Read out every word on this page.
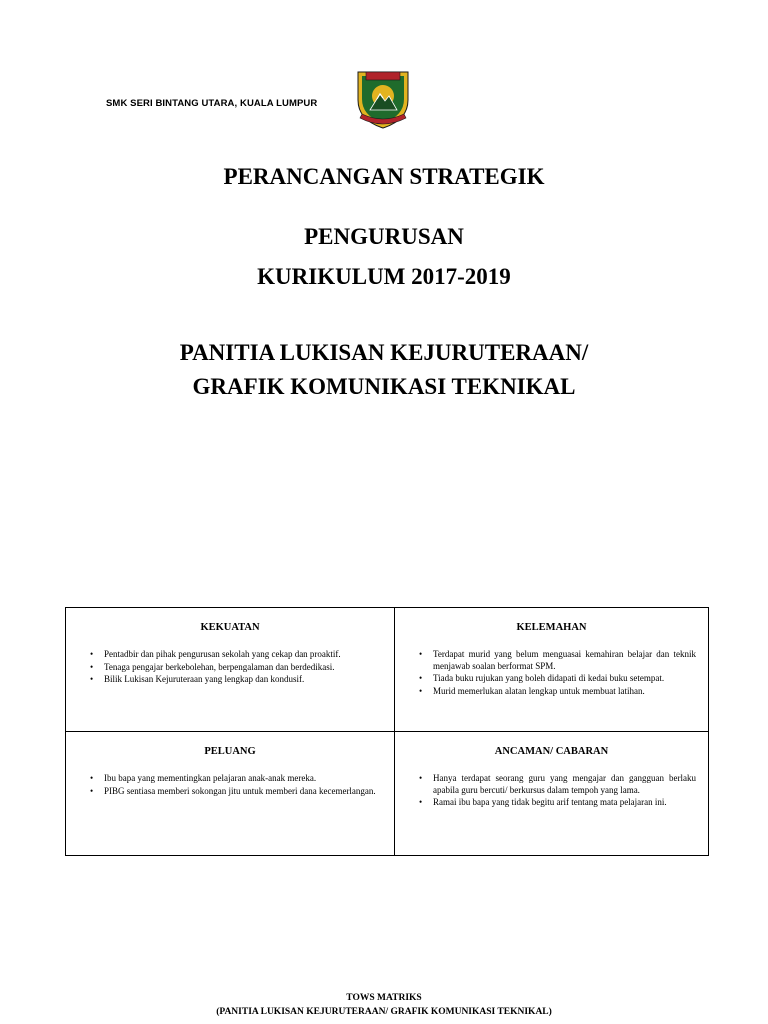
SMK SERI BINTANG UTARA, KUALA LUMPUR
PERANCANGAN STRATEGIK
PENGURUSAN
KURIKULUM 2017-2019
PANITIA LUKISAN KEJURUTERAAN/
GRAFIK KOMUNIKASI TEKNIKAL
KEKUATAN
• Pentadbir dan pihak pengurusan sekolah yang cekap dan proaktif.
• Tenaga pengajar berkebolehan, berpengalaman dan berdedikasi.
• Bilik Lukisan Kejuruteraan yang lengkap dan kondusif.
KELEMAHAN
• Terdapat murid yang belum menguasai kemahiran belajar dan teknik menjawab soalan berformat SPM.
• Tiada buku rujukan yang boleh didapati di kedai buku setempat.
• Murid memerlukan alatan lengkap untuk membuat latihan.
PELUANG
• Ibu bapa yang mementingkan pelajaran anak-anak mereka.
• PIBG sentiasa memberi sokongan jitu untuk memberi dana kecemerlangan.
ANCAMAN/ CABARAN
• Hanya terdapat seorang guru yang mengajar dan gangguan berlaku apabila guru bercuti/ berkursus dalam tempoh yang lama.
• Ramai ibu bapa yang tidak begitu arif tentang mata pelajaran ini.
TOWS MATRIKS
(PANITIA LUKISAN KEJURUTERAAN/ GRAFIK KOMUNIKASI TEKNIKAL)
